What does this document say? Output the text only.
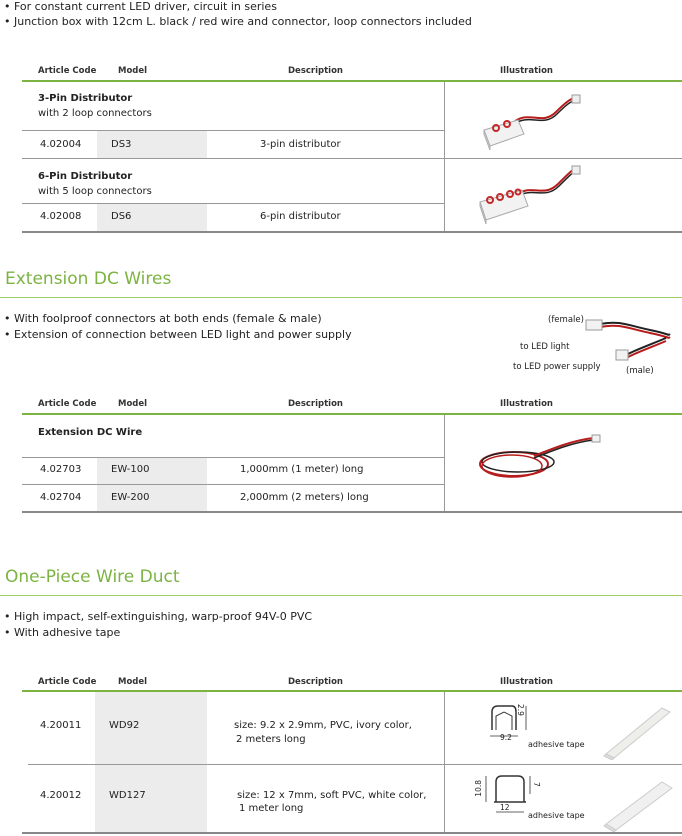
• For constant current LED driver, circuit in series
• Junction box with 12cm L. black / red wire and connector, loop connectors included
Article Code	Model	Description	Illustration
3-Pin Distributor
with 2 loop connectors
4.02004	DS3	3-pin distributor
6-Pin Distributor
with 5 loop connectors
4.02008	DS6	6-pin distributor
Extension DC Wires
• With foolproof connectors at both ends (female & male)
• Extension of connection between LED light and power supply
(female)
to LED light
to LED power supply	(male)
Article Code	Model	Description	Illustration
Extension DC Wire
4.02703	EW-100	1,000mm (1 meter) long
4.02704	EW-200	2,000mm (2 meters) long
One-Piece Wire Duct
• High impact, self-extinguishing, warp-proof 94V-0 PVC
• With adhesive tape
Article Code	Model	Description	Illustration
4.20011	WD92	size: 9.2 x 2.9mm, PVC, ivory color,
2 meters long
4.20012	WD127	size: 12 x 7mm, soft PVC, white color,
1 meter long
9.2
2.9
adhesive tape
10.8	7
12
adhesive tape
